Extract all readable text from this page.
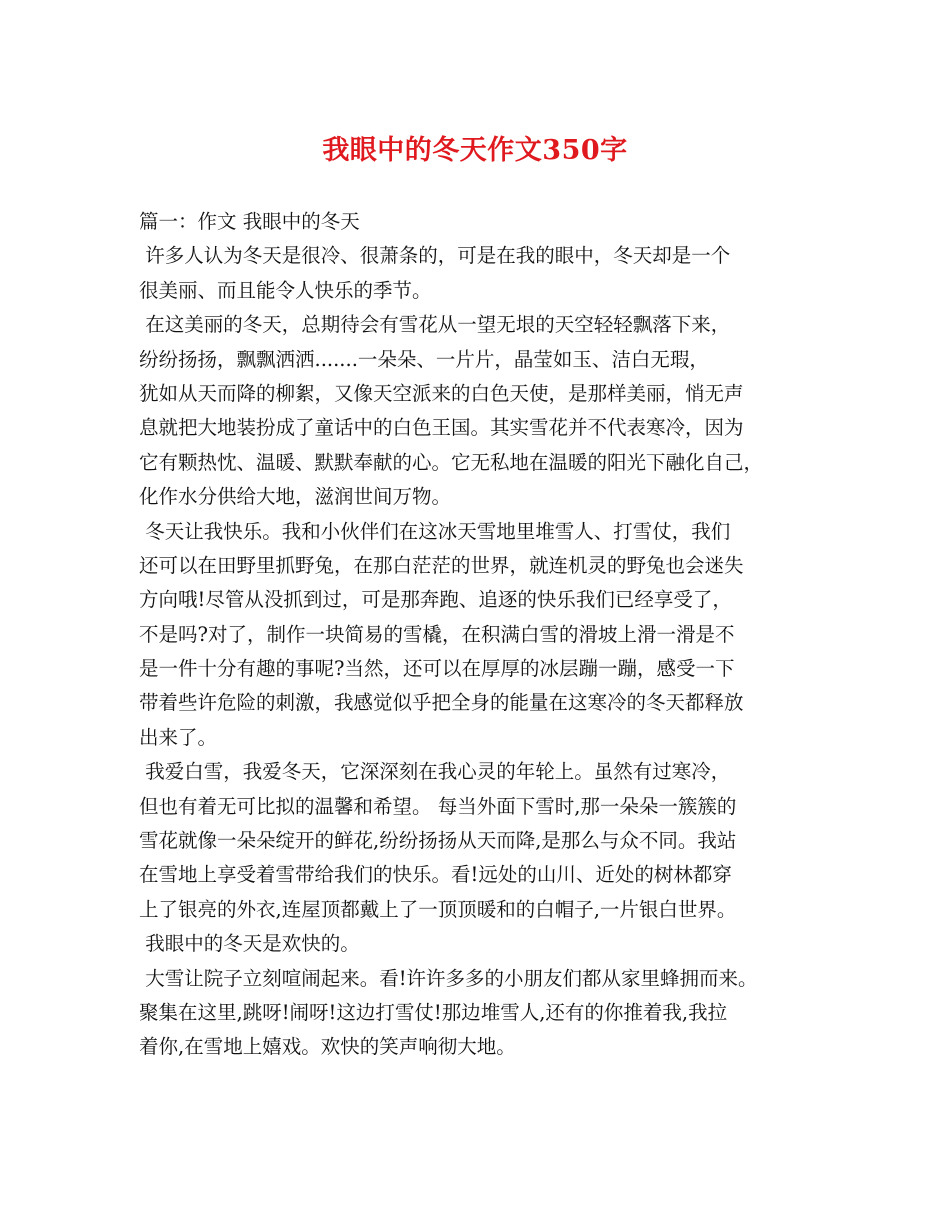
我眼中的冬天作文350字
篇一：作文 我眼中的冬天
许多人认为冬天是很冷、很萧条的，可是在我的眼中，冬天却是一个
很美丽、而且能令人快乐的季节。
在这美丽的冬天，总期待会有雪花从一望无垠的天空轻轻飘落下来，
纷纷扬扬，飘飘洒洒.......一朵朵、一片片，晶莹如玉、洁白无瑕，
犹如从天而降的柳絮，又像天空派来的白色天使，是那样美丽，悄无声
息就把大地装扮成了童话中的白色王国。其实雪花并不代表寒冷，因为
它有颗热忱、温暖、默默奉献的心。它无私地在温暖的阳光下融化自己，
化作水分供给大地，滋润世间万物。
冬天让我快乐。我和小伙伴们在这冰天雪地里堆雪人、打雪仗，我们
还可以在田野里抓野兔，在那白茫茫的世界，就连机灵的野兔也会迷失
方向哦!尽管从没抓到过，可是那奔跑、追逐的快乐我们已经享受了，
不是吗?对了，制作一块简易的雪橇，在积满白雪的滑坡上滑一滑是不
是一件十分有趣的事呢?当然，还可以在厚厚的冰层蹦一蹦，感受一下
带着些许危险的刺激，我感觉似乎把全身的能量在这寒冷的冬天都释放
出来了。
我爱白雪，我爱冬天，它深深刻在我心灵的年轮上。虽然有过寒冷，
但也有着无可比拟的温馨和希望。 每当外面下雪时,那一朵朵一簇簇的
雪花就像一朵朵绽开的鲜花,纷纷扬扬从天而降,是那么与众不同。我站
在雪地上享受着雪带给我们的快乐。看!远处的山川、近处的树林都穿
上了银亮的外衣,连屋顶都戴上了一顶顶暖和的白帽子,一片银白世界。
我眼中的冬天是欢快的。
大雪让院子立刻喧闹起来。看!许许多多的小朋友们都从家里蜂拥而来。
聚集在这里,跳呀!闹呀!这边打雪仗!那边堆雪人,还有的你推着我,我拉
着你,在雪地上嬉戏。欢快的笑声响彻大地。
